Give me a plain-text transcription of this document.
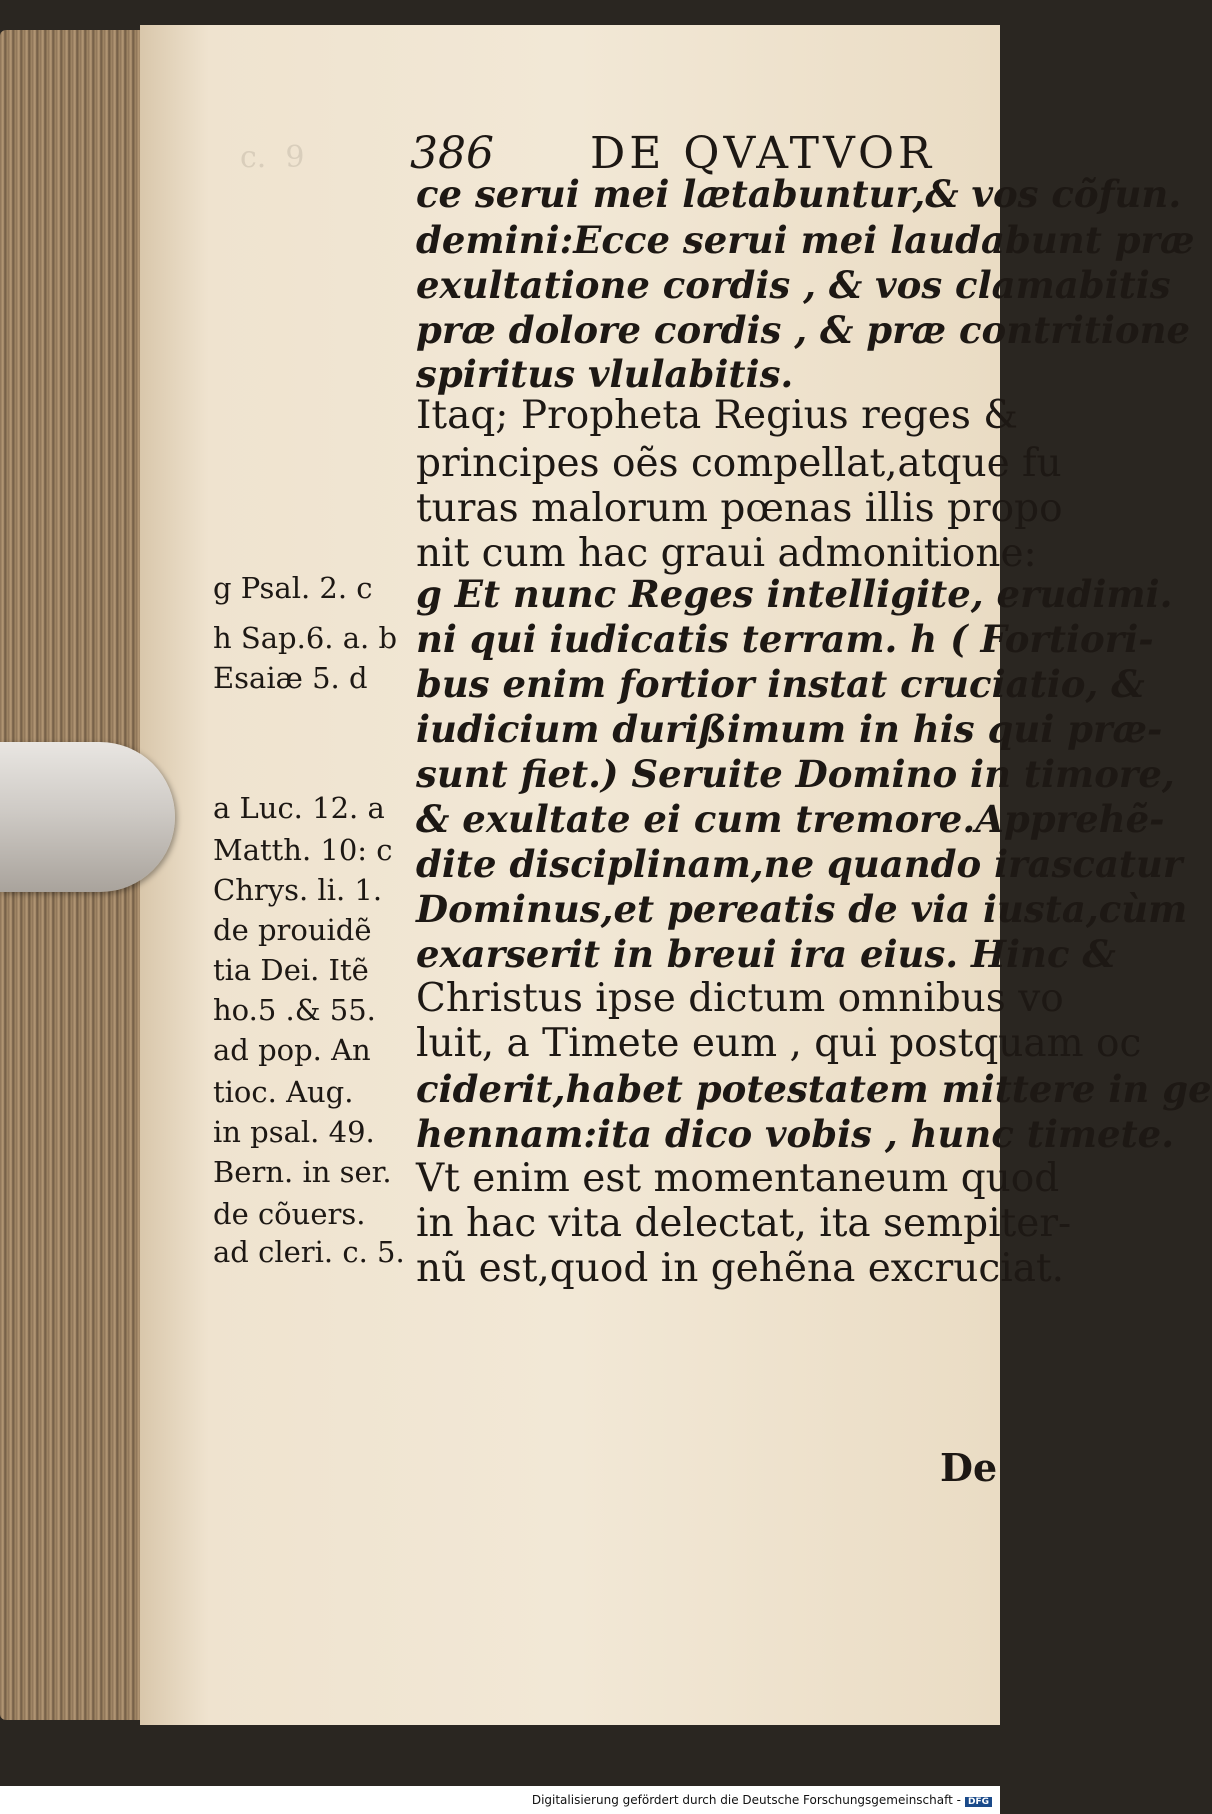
c.  9 386 DE QVATVOR
ce serui mei lætabuntur,& vos cõfun.
demini:Ecce serui mei laudabunt præ
exultatione cordis , & vos clamabitis
præ dolore cordis , & præ contritione
spiritus vlulabitis.
Itaq; Propheta Regius reges &
principes oẽs compellat,atque fu
turas malorum pœnas illis propo
nit cum hac graui admonitione:
g Et nunc Reges intelligite, erudimi.
ni qui iudicatis terram. h ( Fortiori-
bus enim fortior instat cruciatio, &
iudicium durißimum in his qui præ-
sunt fiet.) Seruite Domino in timore,
& exultate ei cum tremore.Apprehẽ-
dite disciplinam,ne quando irascatur
Dominus,et pereatis de via iusta,cùm
exarserit in breui ira eius. Hinc &
Christus ipse dictum omnibus vo
luit, a Timete eum , qui postquam oc
ciderit,habet potestatem mittere in ge
hennam:ita dico vobis , hunc timete.
Vt enim est momentaneum quod
in hac vita delectat, ita sempiter-
nũ est,quod in gehẽna excruciat.
g Psal. 2. c
h Sap.6. a. b
Esaiæ 5. d
a Luc. 12. a
Matth. 10: c
Chrys. li. 1.
de prouidẽ
tia Dei. Itẽ
ho.5 .& 55.
ad pop. An
tioc. Aug.
in psal. 49.
Bern. in ser.
de cõuers.
ad cleri. c. 5.
De
Digitalisierung gefördert durch die Deutsche Forschungsgemeinschaft - DFG
